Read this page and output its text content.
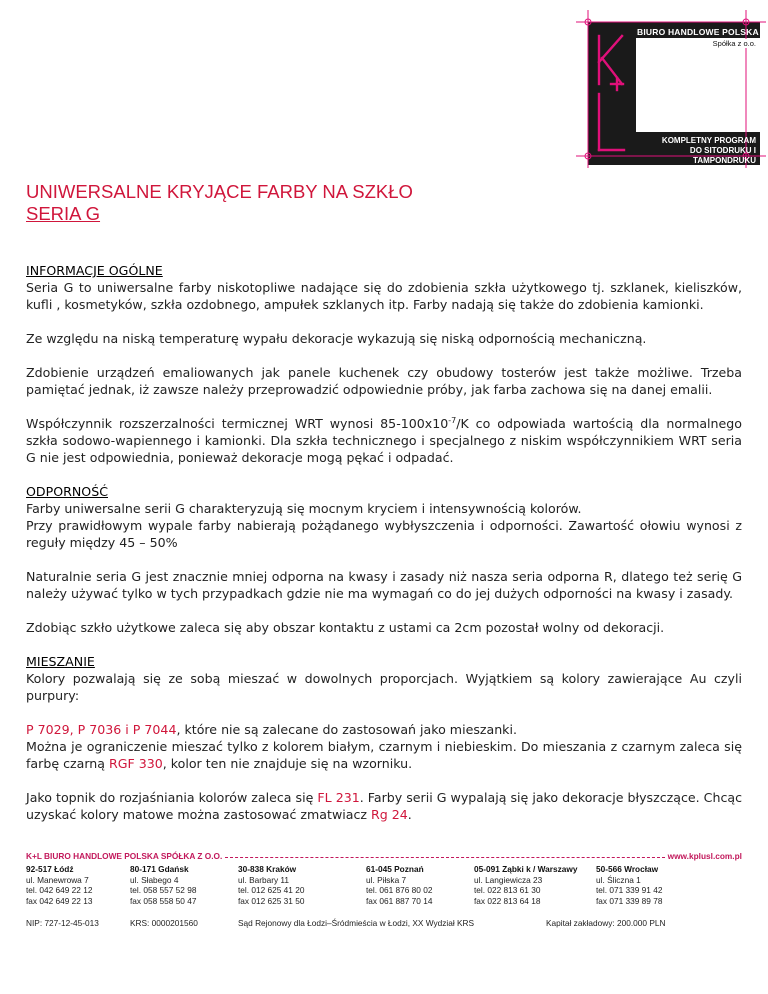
BIURO HANDLOWE POLSKA
Spółka z o.o.
KOMPLETNY PROGRAM
DO SITODRUKU I TAMPONDRUKU
UNIWERSALNE KRYJĄCE FARBY NA SZKŁO
SERIA G
INFORMACJE OGÓLNE

Seria G to uniwersalne farby niskotopliwe nadające się do zdobienia szkła użytkowego tj. szklanek, kieliszków, kufli , kosmetyków, szkła ozdobnego, ampułek szklanych itp. Farby nadają się także do zdobienia kamionki.

Ze względu na niską temperaturę wypału dekoracje wykazują się niską odpornością mechaniczną.

Zdobienie urządzeń emaliowanych jak panele kuchenek czy obudowy tosterów jest także możliwe. Trzeba pamiętać jednak, iż zawsze należy przeprowadzić odpowiednie próby, jak farba zachowa się na danej emalii.

Współczynnik rozszerzalności termicznej WRT wynosi $85-100x10^{-7}/K$ co odpowiada wartością dla normalnego szkła sodowo-wapiennego i kamionki. Dla szkła technicznego i specjalnego z niskim współczynnikiem WRT seria G nie jest odpowiednia, ponieważ dekoracje mogą pękać i odpadać.

ODPORNOŚĆ

Farby uniwersalne serii G charakteryzują się mocnym kryciem i intensywnością kolorów.

Przy prawidłowym wypale farby nabierają pożądanego wybłyszczenia i odporności. Zawartość ołowiu wynosi z reguły między 45 – 50%

Naturalnie seria G jest znacznie mniej odporna na kwasy i zasady niż nasza seria odporna R, dlatego też serię G należy używać tylko w tych przypadkach gdzie nie ma wymagań co do jej dużych odporności na kwasy i zasady.

Zdobiąc szkło użytkowe zaleca się aby obszar kontaktu z ustami ca 2cm pozostał wolny od dekoracji.

MIESZANIE

Kolory pozwalają się ze sobą mieszać w dowolnych proporcjach. Wyjątkiem są kolory zawierające Au czyli purpury:

P 7029, P 7036 i P 7044, które nie są zalecane do zastosowań jako mieszanki.

Można je ograniczenie mieszać tylko z kolorem białym, czarnym i niebieskim. Do mieszania z czarnym zaleca się farbę czarną RGF 330, kolor ten nie znajduje się na wzorniku.

Jako topnik do rozjaśniania kolorów zaleca się FL 231. Farby serii G wypalają się jako dekoracje błyszczące. Chcąc uzyskać kolory matowe można zastosować zmatwiacz Rg 24.

K+L BIURO HANDLOWE POLSKA SPÓŁKA Z O.O.	www.kplusl.com.pl
92-517 Łódź
ul. Manewrowa 7
tel. 042 649 22 12
fax 042 649 22 13
80-171 Gdańsk
ul. Słabego 4
tel. 058 557 52 98
fax 058 558 50 47
30-838 Kraków
ul. Barbary 11
tel. 012 625 41 20
fax 012 625 31 50
61-045 Poznań
ul. Piłska 7
tel. 061 876 80 02
fax 061 887 70 14
05-091 Ząbki k / Warszawy
ul. Langiewicza 23
tel. 022 813 61 30
fax 022 813 64 18
50-566 Wrocław
ul. Śliczna 1
tel. 071 339 91 42
fax 071 339 89 78
NIP: 727-12-45-013	KRS: 0000201560	Sąd Rejonowy dla Łodzi–Śródmieścia w Łodzi, XX Wydział KRS	Kapitał zakładowy: 200.000 PLN
